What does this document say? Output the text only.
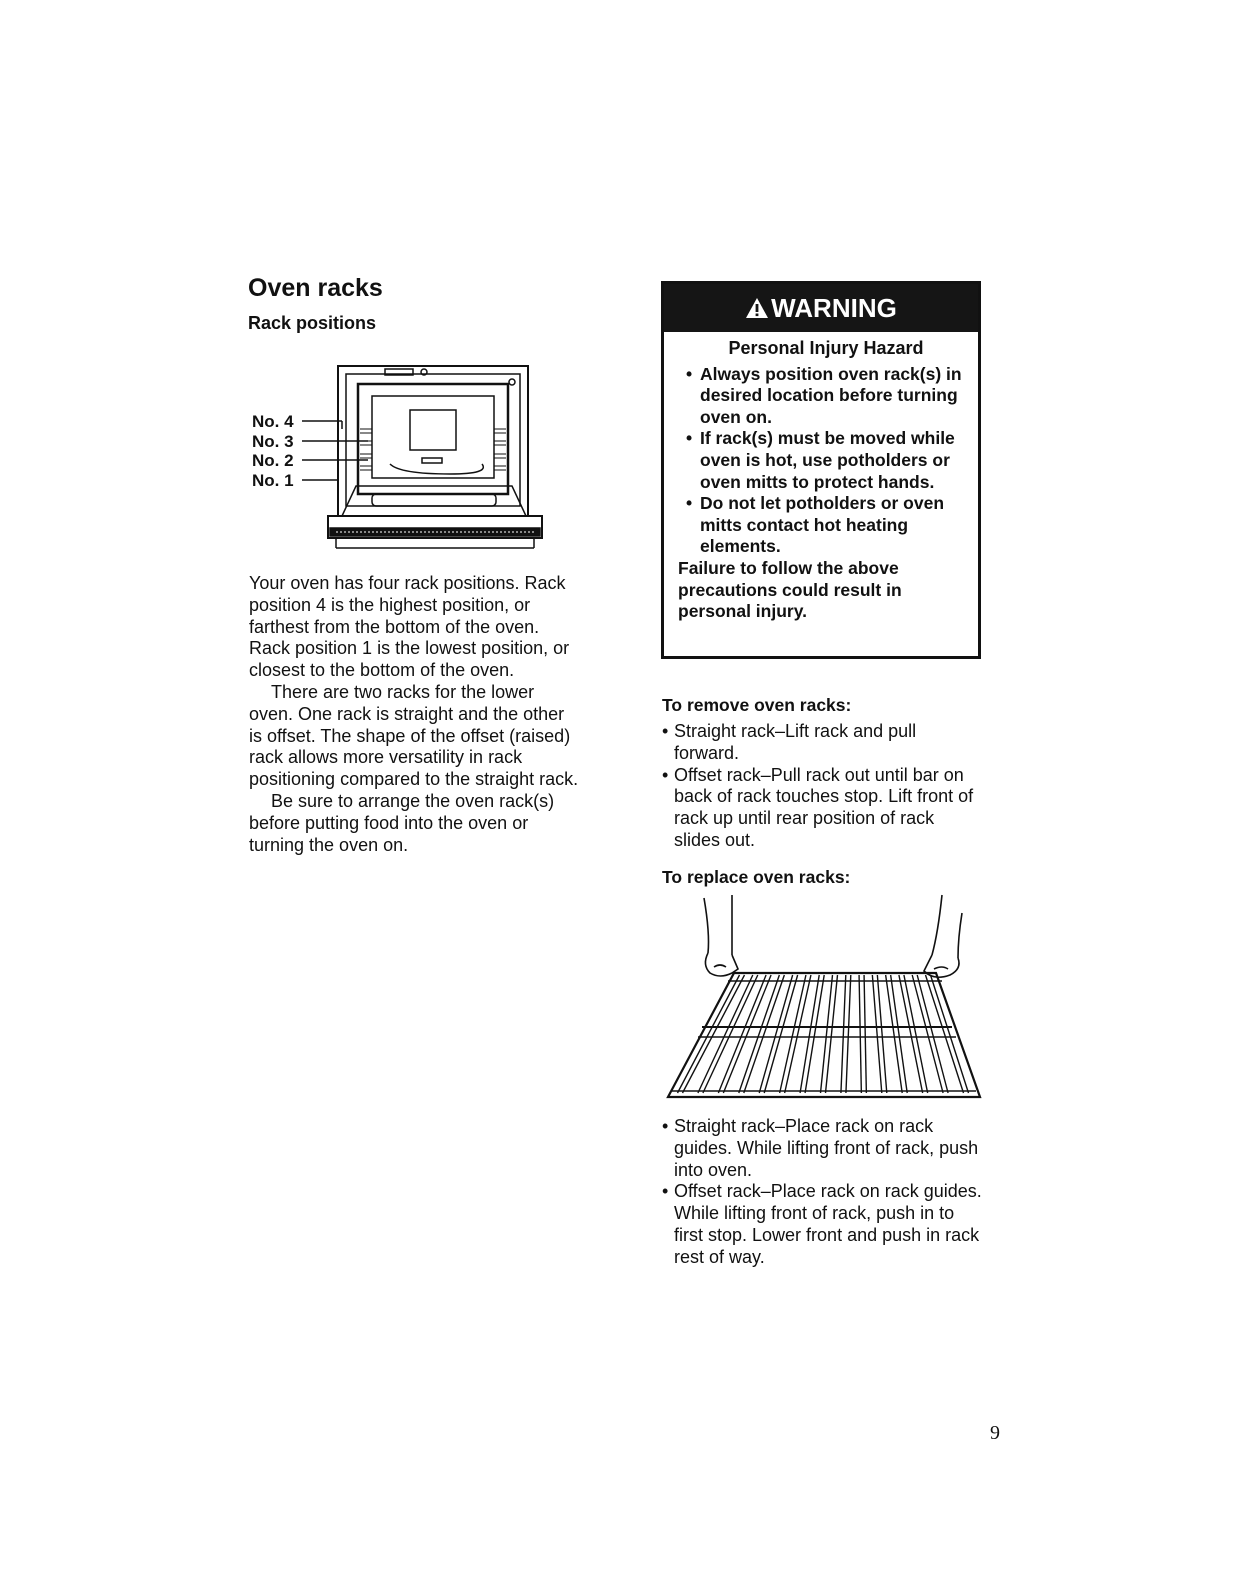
Oven racks
Rack positions
No. 4
No. 3
No. 2
No. 1

Your oven has four rack positions. Rack position 4 is the highest position, or farthest from the bottom of the oven. Rack position 1 is the lowest position, or closest to the bottom of the oven.

There are two racks for the lower oven. One rack is straight and the other is offset. The shape of the offset (raised) rack allows more versatility in rack positioning compared to the straight rack.

Be sure to arrange the oven rack(s) before putting food into the oven or turning the oven on.

WARNING

Personal Injury Hazard

• Always position oven rack(s) in desired location before turning oven on.
• If rack(s) must be moved while oven is hot, use potholders or oven mitts to protect hands.
• Do not let potholders or oven mitts contact hot heating elements.

Failure to follow the above precautions could result in personal injury.

To remove oven racks:
• Straight rack–Lift rack and pull forward.
• Offset rack–Pull rack out until bar on back of rack touches stop. Lift front of rack up until rear position of rack slides out.
To replace oven racks:
• Straight rack–Place rack on rack guides. While lifting front of rack, push into oven.
• Offset rack–Place rack on rack guides. While lifting front of rack, push in to first stop. Lower front and push in rack rest of way.
9
